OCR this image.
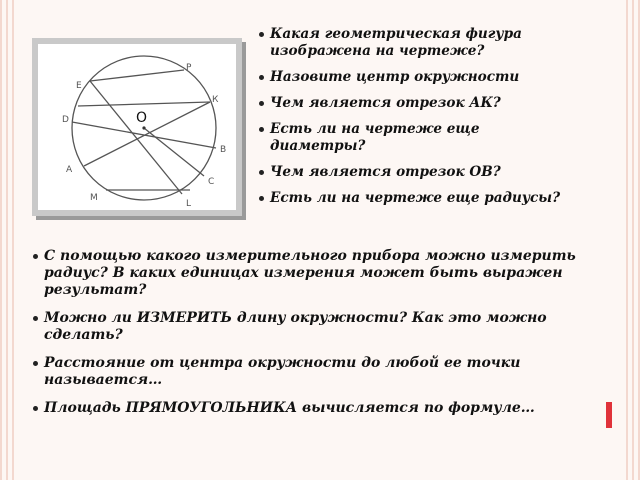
О
Е
Р
К
D
В
А
С
М
L
Какая геометрическая фигура изображена на чертеже?
Назовите центр окружности
Чем является отрезок АК?
Есть ли на чертеже еще диаметры?
Чем является отрезок ОВ?
Есть ли на чертеже еще радиусы?
С помощью какого измерительного прибора можно измерить радиус? В каких единицах измерения может быть выражен результат?
Можно ли ИЗМЕРИТЬ длину окружности? Как это можно сделать?
Расстояние от центра окружности до любой ее точки называется…
Площадь ПРЯМОУГОЛЬНИКА вычисляется по формуле…
